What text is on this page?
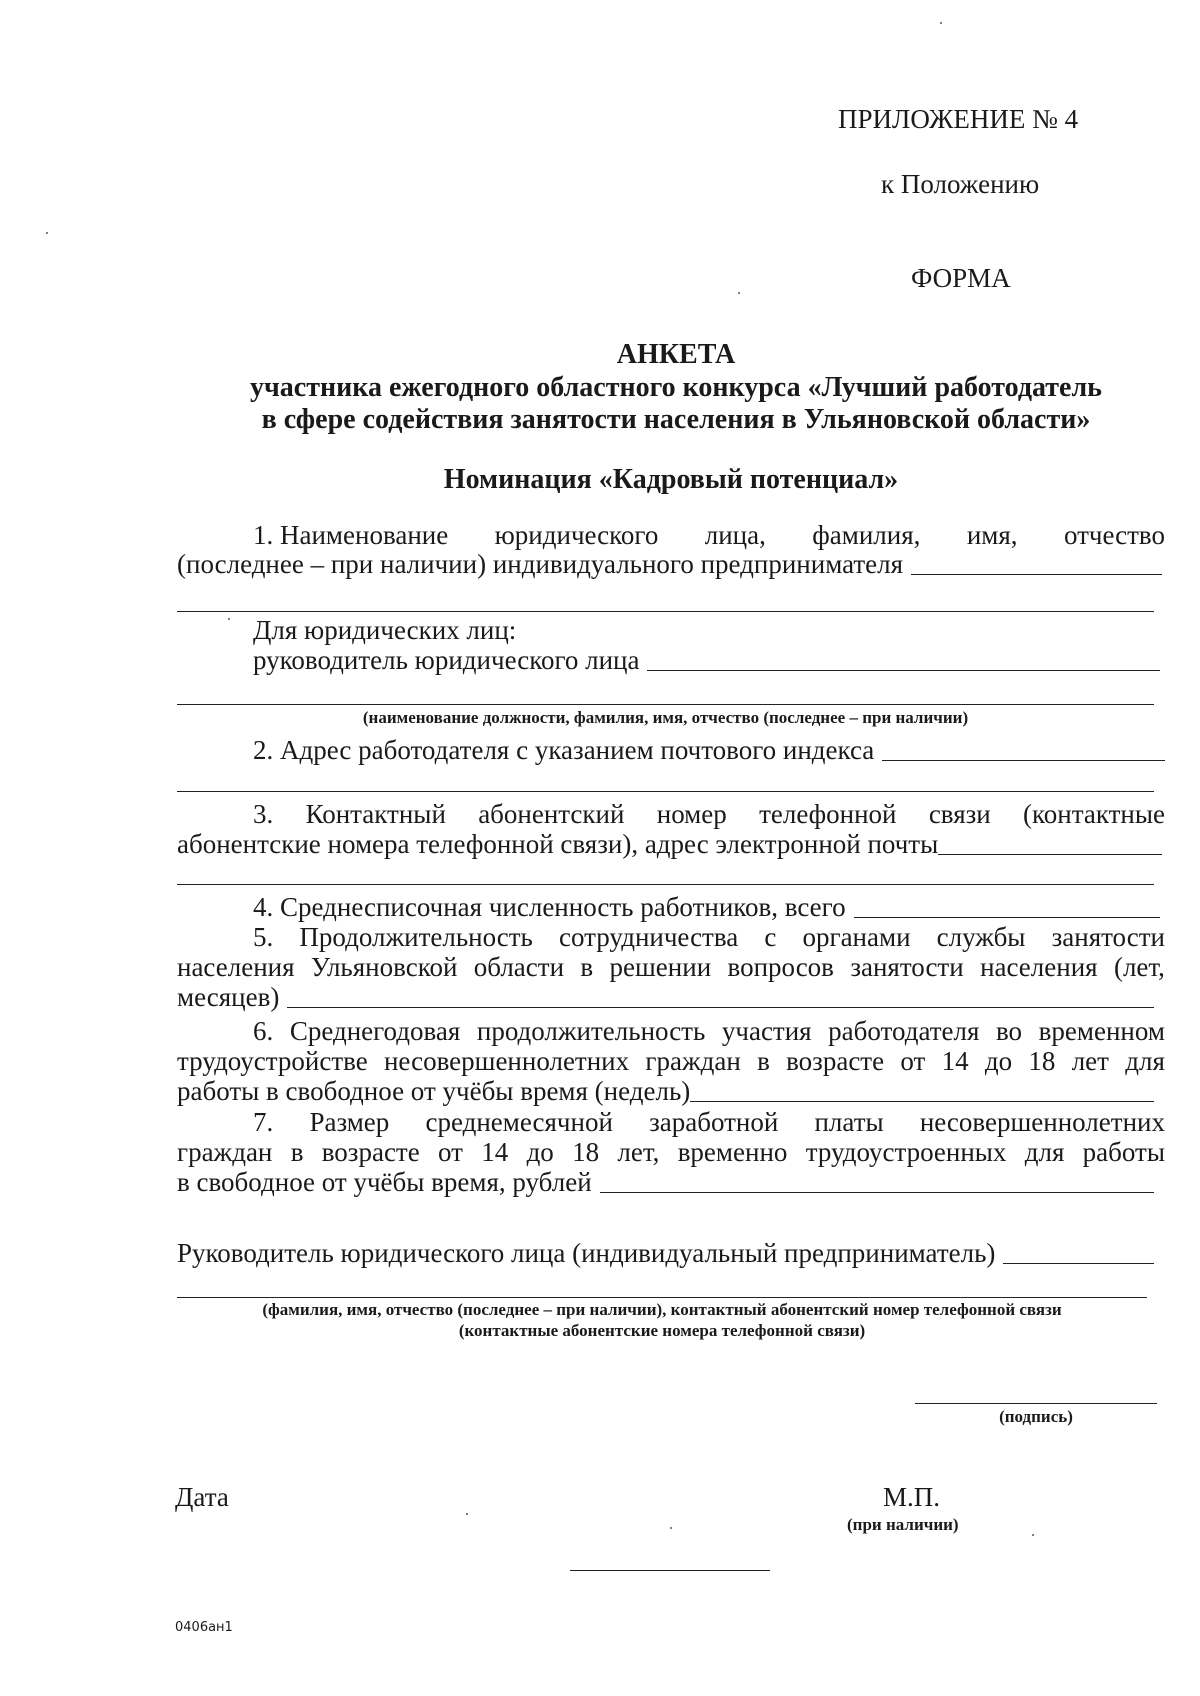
ПРИЛОЖЕНИЕ № 4
к Положению
ФОРМА
АНКЕТА
участника ежегодного областного конкурса «Лучший работодатель
в сфере содействия занятости населения в Ульяновской области»
Номинация «Кадровый потенциал»
1. Наименование юридического лица, фамилия, имя, отчество
(последнее – при наличии) индивидуального предпринимателя
Для юридических лиц:
руководитель юридического лица
(наименование должности, фамилия, имя, отчество (последнее – при наличии)
2. Адрес работодателя с указанием почтового индекса
3. Контактный абонентский номер телефонной связи (контактные
абонентские номера телефонной связи), адрес электронной почты
4. Среднесписочная численность работников, всего
5. Продолжительность сотрудничества с органами службы занятости
населения Ульяновской области в решении вопросов занятости населения (лет,
месяцев)
6. Среднегодовая продолжительность участия работодателя во временном
трудоустройстве несовершеннолетних граждан в возрасте от 14 до 18 лет для
работы в свободное от учёбы время (недель)
7. Размер среднемесячной заработной платы несовершеннолетних
граждан в возрасте от 14 до 18 лет, временно трудоустроенных для работы
в свободное от учёбы время, рублей
Руководитель юридического лица (индивидуальный предприниматель)
(фамилия, имя, отчество (последнее – при наличии), контактный абонентский номер телефонной связи
(контактные абонентские номера телефонной связи)
(подпись)
Дата	М.П.
(при наличии)
0406ан1
